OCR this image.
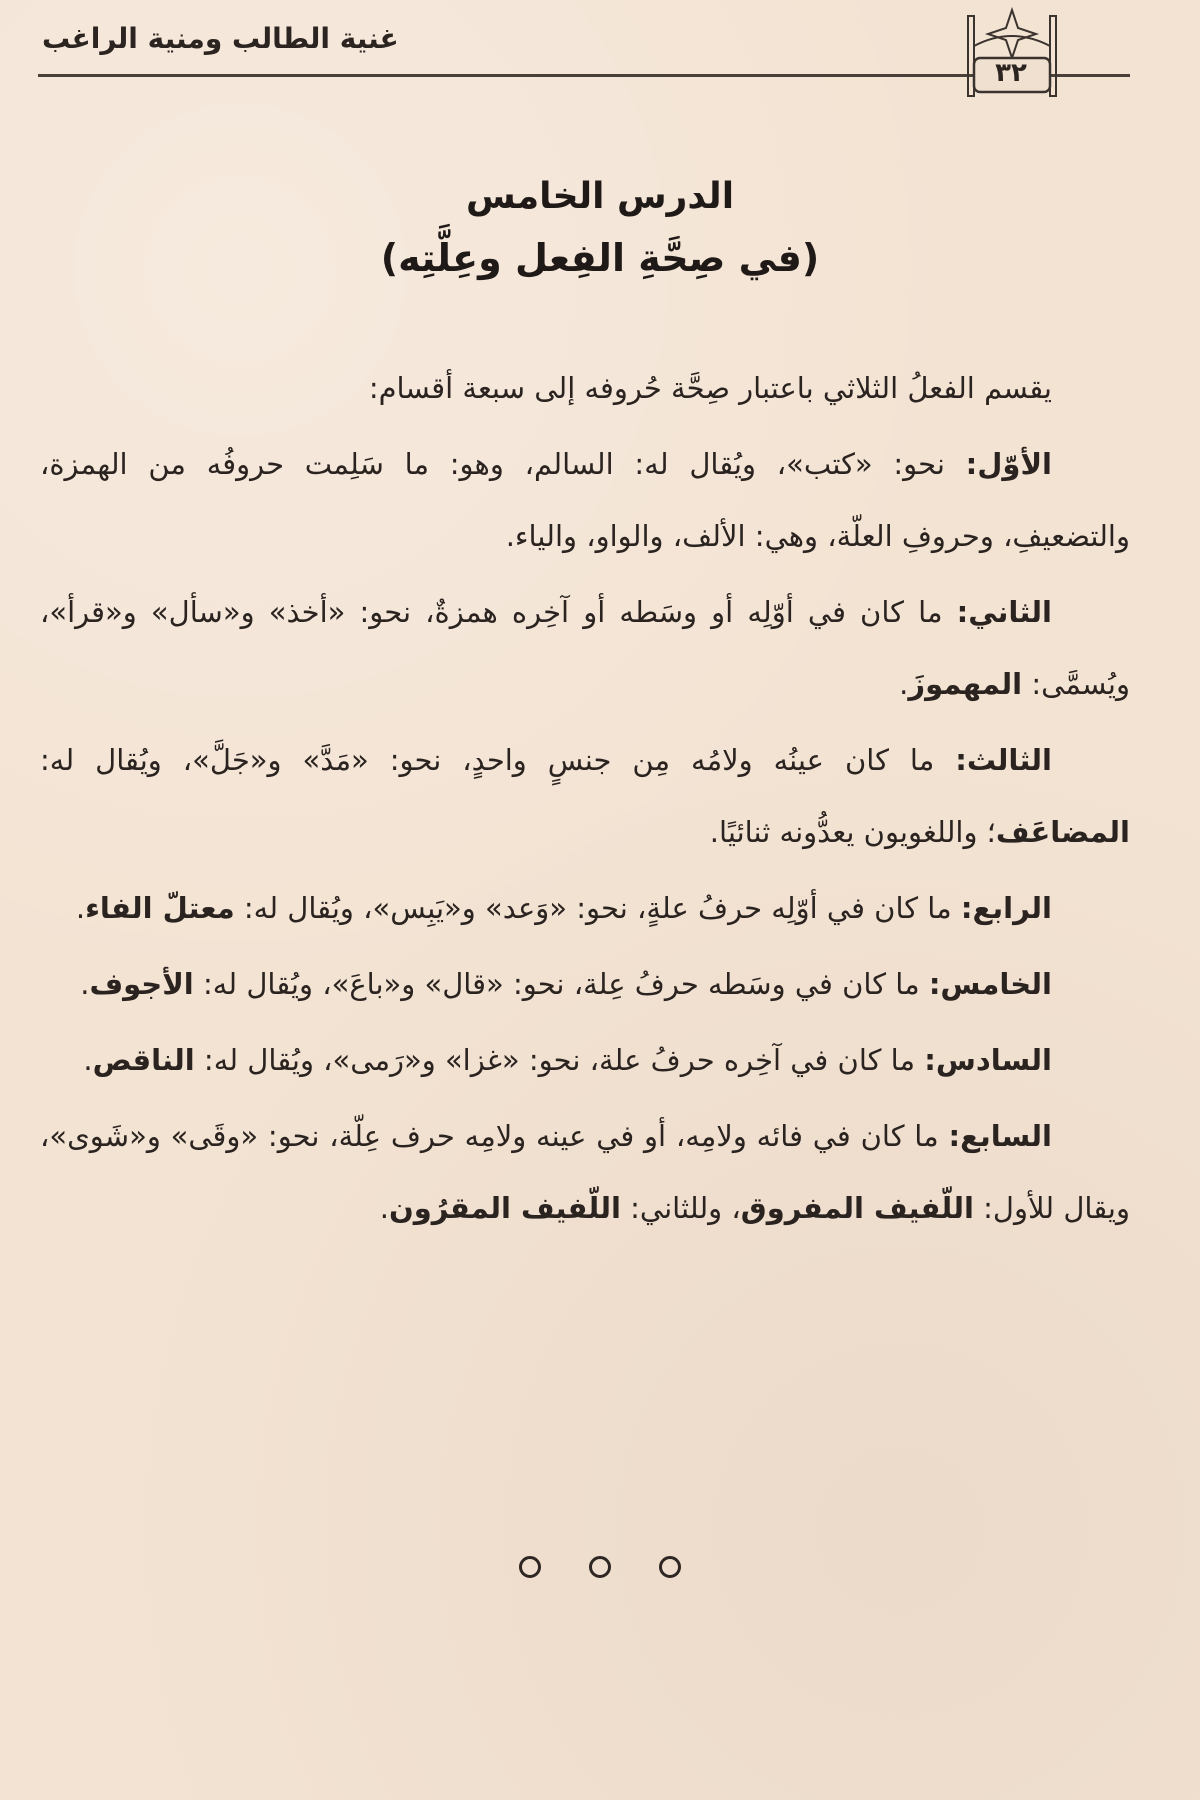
غنية الطالب ومنية الراغب
٣٢
الدرس الخامس
(في صِحَّةِ الفِعل وعِلَّتِه)

يقسم الفعلُ الثلاثي باعتبار صِحَّة حُروفه إلى سبعة أقسام:

الأوّل: نحو: «كتب»، ويُقال له: السالم، وهو: ما سَلِمت حروفُه من الهمزة، والتضعيفِ، وحروفِ العلّة، وهي: الألف، والواو، والياء.

الثاني: ما كان في أوّلِه أو وسَطه أو آخِره همزةٌ، نحو: «أخذ» و«سأل» و«قرأ»، ويُسمَّى: المهموزَ.

الثالث: ما كان عينُه ولامُه مِن جنسٍ واحدٍ، نحو: «مَدَّ» و«جَلَّ»، ويُقال له: المضاعَف؛ واللغويون يعدُّونه ثنائيًا.

الرابع: ما كان في أوّلِه حرفُ علةٍ، نحو: «وَعد» و«يَبِس»، ويُقال له: معتلّ الفاء.

الخامس: ما كان في وسَطه حرفُ عِلة، نحو: «قال» و«باعَ»، ويُقال له: الأجوف.

السادس: ما كان في آخِره حرفُ علة، نحو: «غزا» و«رَمى»، ويُقال له: الناقص.

السابع: ما كان في فائه ولامِه، أو في عينه ولامِه حرف عِلّة، نحو: «وقَى» و«شَوى»، ويقال للأول: اللّفيف المفروق، وللثاني: اللّفيف المقرُون.
